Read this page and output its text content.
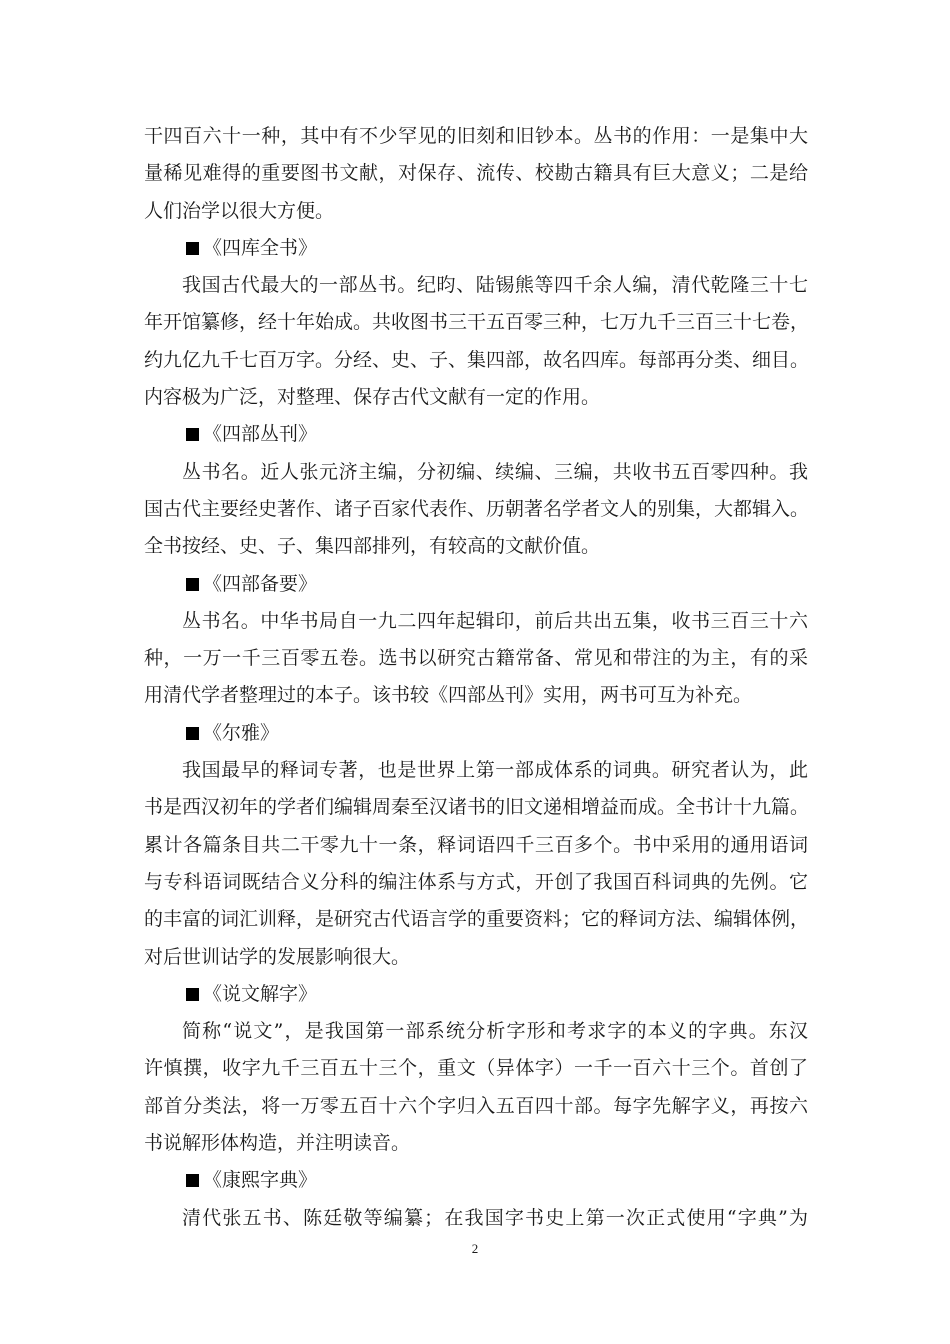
干四百六十一种，其中有不少罕见的旧刻和旧钞本。丛书的作用：一是集中大
量稀见难得的重要图书文献，对保存、流传、校勘古籍具有巨大意义；二是给
人们治学以很大方便。
《四库全书》
我国古代最大的一部丛书。纪昀、陆锡熊等四千余人编，清代乾隆三十七
年开馆纂修，经十年始成。共收图书三干五百零三种，七万九千三百三十七卷，
约九亿九千七百万字。分经、史、子、集四部，故名四库。每部再分类、细目。
内容极为广泛，对整理、保存古代文献有一定的作用。
《四部丛刊》
丛书名。近人张元济主编，分初编、续编、三编，共收书五百零四种。我
国古代主要经史著作、诸子百家代表作、历朝著名学者文人的别集，大都辑入。
全书按经、史、子、集四部排列，有较高的文献价值。
《四部备要》
丛书名。中华书局自一九二四年起辑印，前后共出五集，收书三百三十六
种，一万一千三百零五卷。选书以研究古籍常备、常见和带注的为主，有的采
用清代学者整理过的本子。该书较《四部丛刊》实用，两书可互为补充。
《尔雅》
我国最早的释词专著，也是世界上第一部成体系的词典。研究者认为，此
书是西汉初年的学者们编辑周秦至汉诸书的旧文递相增益而成。全书计十九篇。
累计各篇条目共二干零九十一条，释词语四千三百多个。书中采用的通用语词
与专科语词既结合义分科的编注体系与方式，开创了我国百科词典的先例。它
的丰富的词汇训释，是研究古代语言学的重要资料；它的释词方法、编辑体例，
对后世训诂学的发展影响很大。
《说文解字》
简称“说文”，是我国第一部系统分析字形和考求字的本义的字典。东汉
许慎撰，收字九千三百五十三个，重文（异体字）一千一百六十三个。首创了
部首分类法，将一万零五百十六个字归入五百四十部。每字先解字义，再按六
书说解形体构造，并注明读音。
《康熙字典》
清代张五书、陈廷敬等编纂；在我国字书史上第一次正式使用“字典”为
2
